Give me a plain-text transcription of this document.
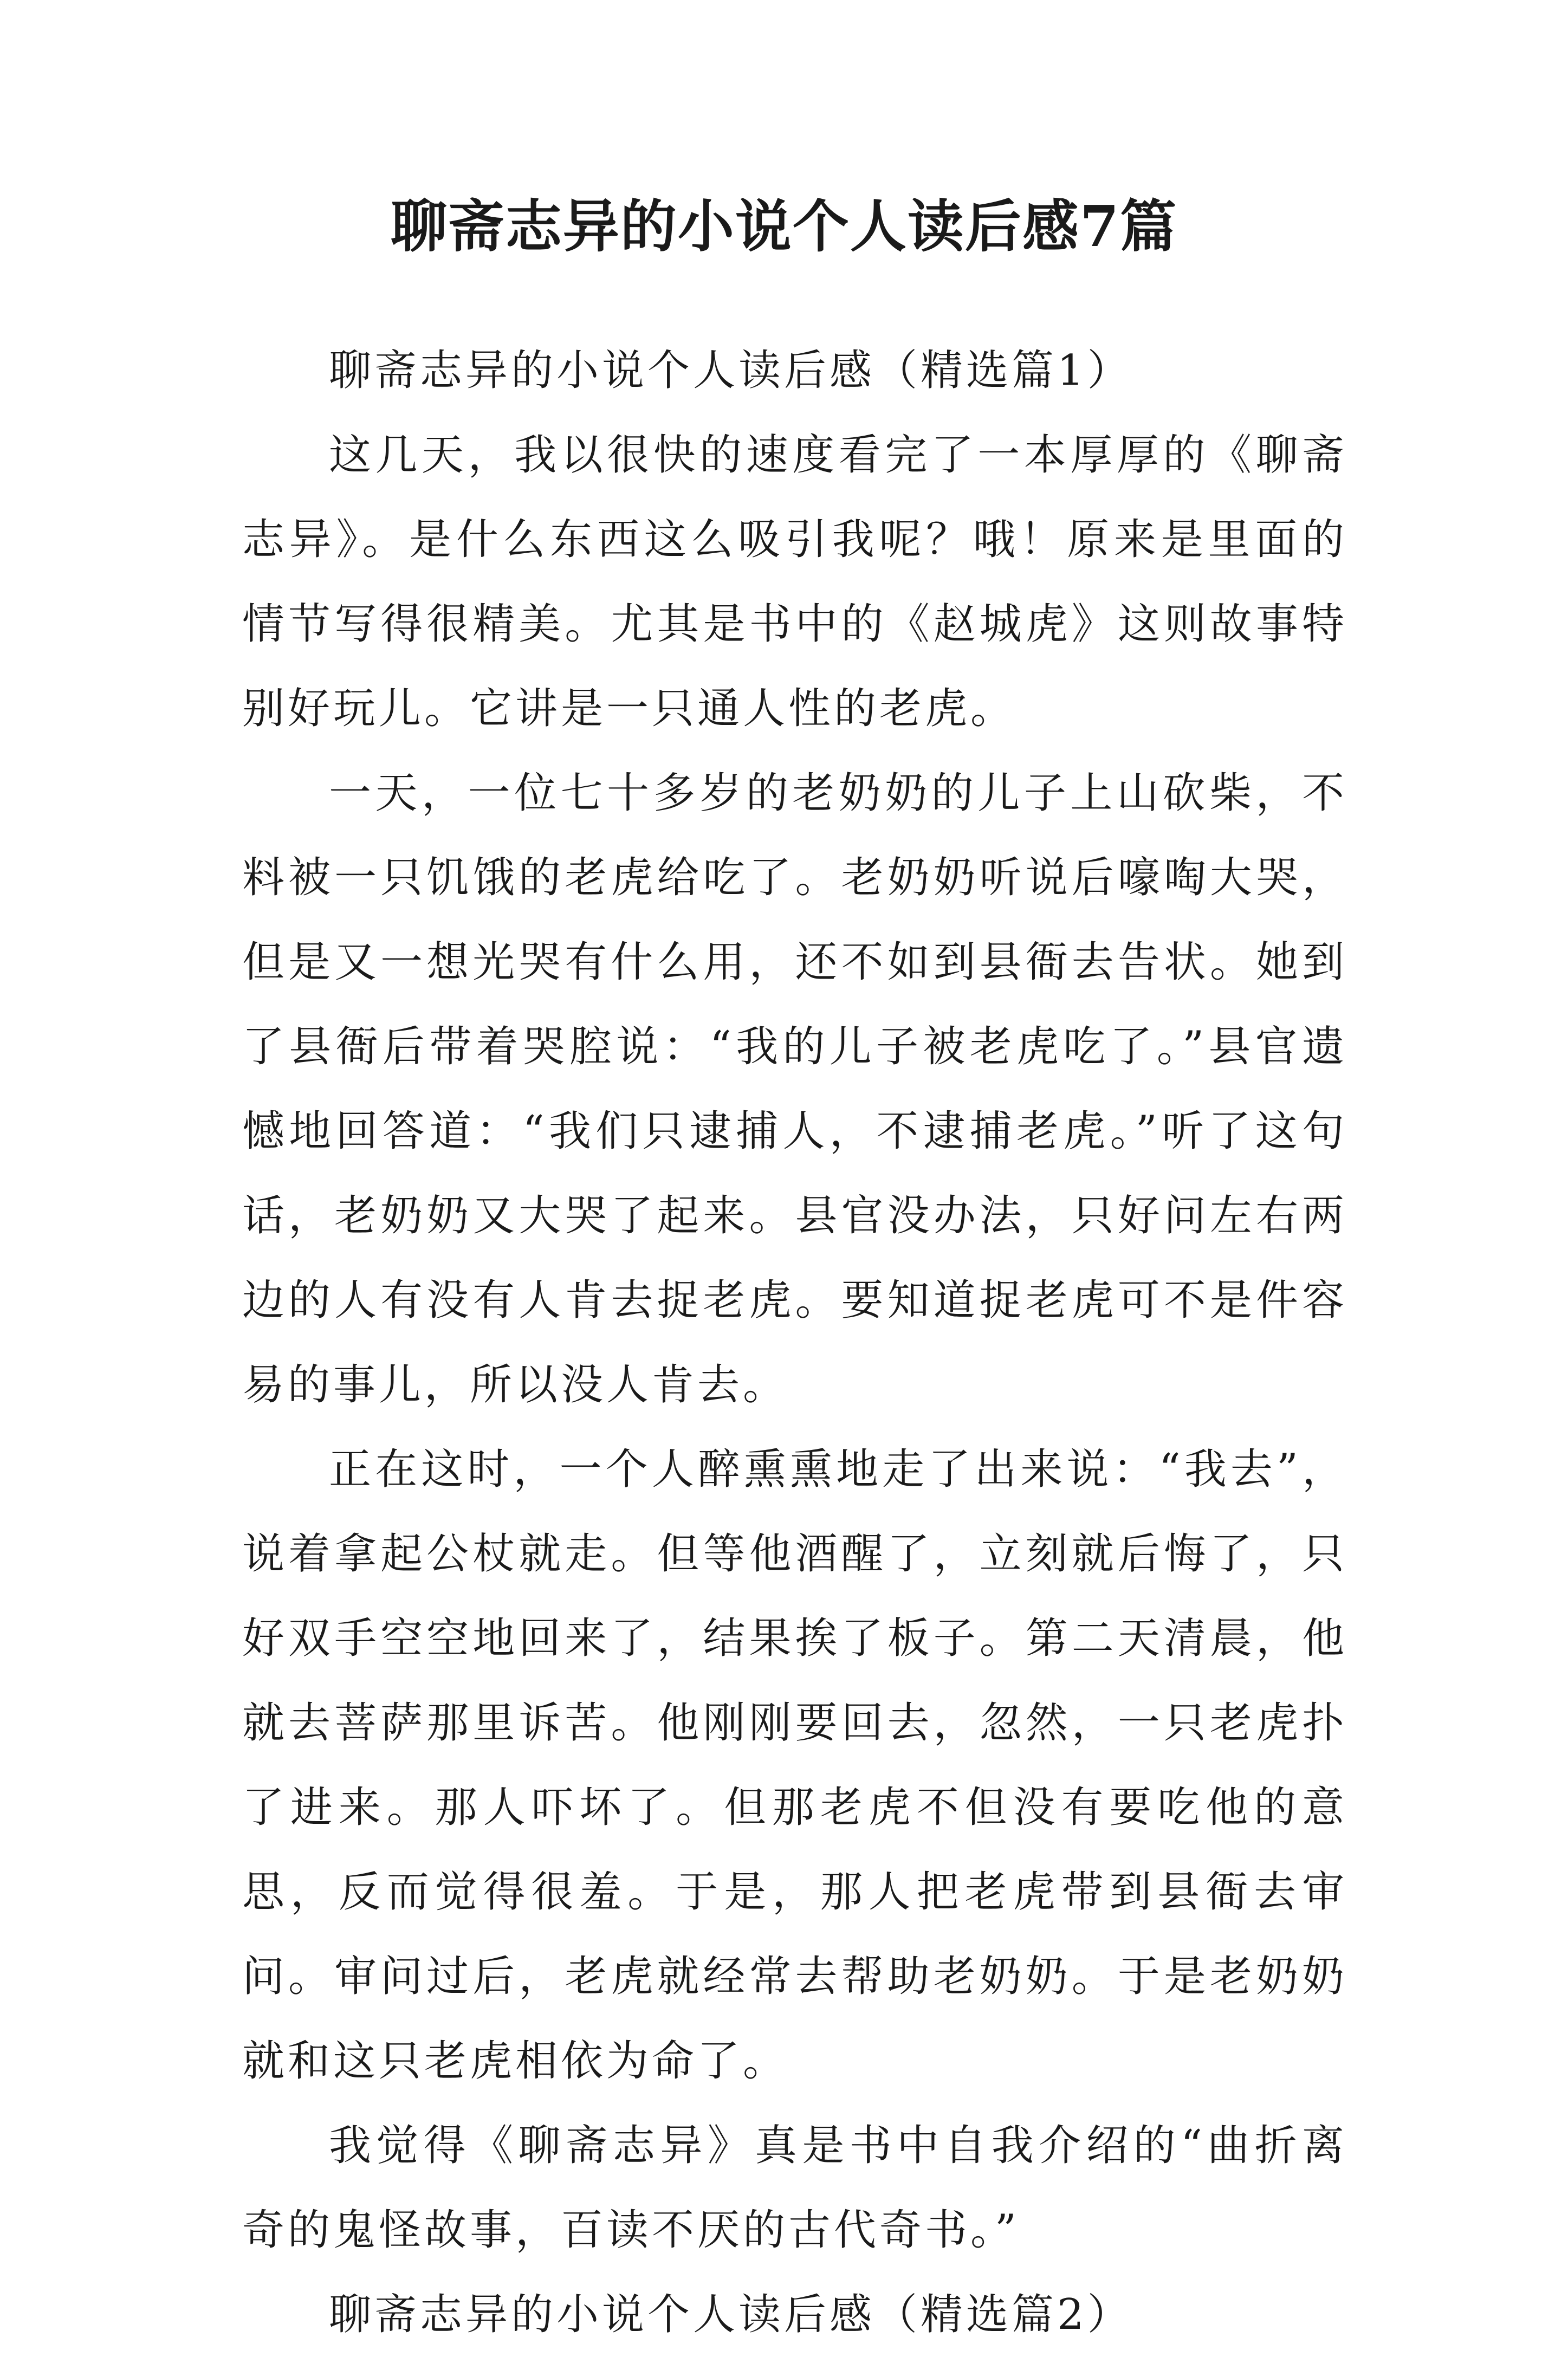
聊斋志异的小说个人读后感7篇

聊斋志异的小说个人读后感（精选篇1）

这几天，我以很快的速度看完了一本厚厚的《聊斋志异》。是什么东西这么吸引我呢？哦！原来是里面的情节写得很精美。尤其是书中的《赵城虎》这则故事特别好玩儿。它讲是一只通人性的老虎。

一天，一位七十多岁的老奶奶的儿子上山砍柴，不料被一只饥饿的老虎给吃了。老奶奶听说后嚎啕大哭，但是又一想光哭有什么用，还不如到县衙去告状。她到了县衙后带着哭腔说：“我的儿子被老虎吃了。”县官遗憾地回答道：“我们只逮捕人，不逮捕老虎。”听了这句话，老奶奶又大哭了起来。县官没办法，只好问左右两边的人有没有人肯去捉老虎。要知道捉老虎可不是件容易的事儿，所以没人肯去。

正在这时，一个人醉熏熏地走了出来说：“我去”，说着拿起公杖就走。但等他酒醒了，立刻就后悔了，只好双手空空地回来了，结果挨了板子。第二天清晨，他就去菩萨那里诉苦。他刚刚要回去，忽然，一只老虎扑了进来。那人吓坏了。但那老虎不但没有要吃他的意思，反而觉得很羞。于是，那人把老虎带到县衙去审问。审问过后，老虎就经常去帮助老奶奶。于是老奶奶就和这只老虎相依为命了。

我觉得《聊斋志异》真是书中自我介绍的“曲折离奇的鬼怪故事，百读不厌的古代奇书。”

聊斋志异的小说个人读后感（精选篇2）
